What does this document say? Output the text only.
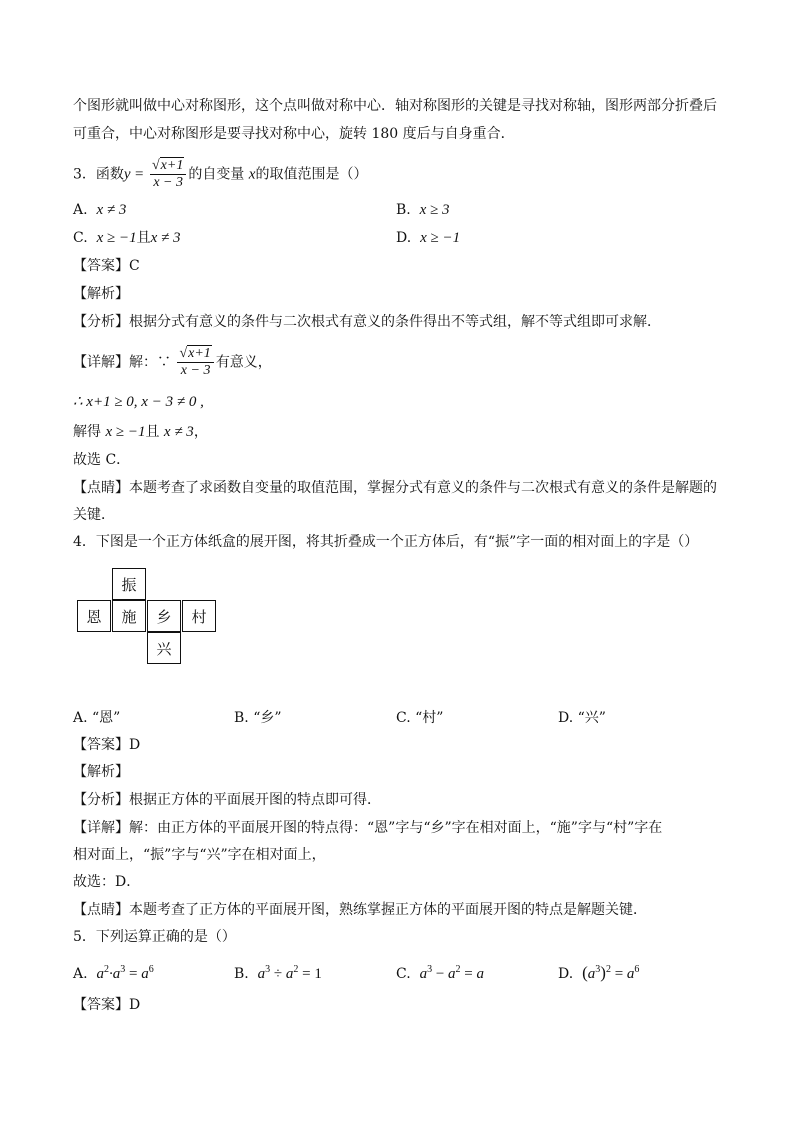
个图形就叫做中心对称图形，这个点叫做对称中心．轴对称图形的关键是寻找对称轴，图形两部分折叠后
可重合，中心对称图形是要寻找对称中心，旋转 180 度后与自身重合．
3．函数$y = \frac{√x+1}{x - 3}$ 的自变量 x的取值范围是（）
A. x ≠ 3	B. x ≥ 3
C. x ≥ −1且x ≠ 3	D. x ≥ −1
【答案】C
【解析】
【分析】根据分式有意义的条件与二次根式有意义的条件得出不等式组，解不等式组即可求解．
【详解】解：∵ $\frac{√x+1}{x - 3}$ 有意义，
∴ x+1 ≥ 0, x − 3 ≠ 0 ,
解得 x ≥ −1且 x ≠ 3，
故选 C．
【点睛】本题考查了求函数自变量的取值范围，掌握分式有意义的条件与二次根式有意义的条件是解题的
关键．
4．下图是一个正方体纸盒的展开图，将其折叠成一个正方体后，有“振”字一面的相对面上的字是（）
振
恩	施	乡	村
兴
A. “恩”	B. “乡”	C. “村”	D. “兴”
【答案】D
【解析】
【分析】根据正方体的平面展开图的特点即可得．
【详解】解：由正方体的平面展开图的特点得：“恩”字与“乡”字在相对面上，“施”字与“村”字在
相对面上，“振”字与“兴”字在相对面上，
故选：D．
【点睛】本题考查了正方体的平面展开图，熟练掌握正方体的平面展开图的特点是解题关键．
5．下列运算正确的是（）
A. $a^2\cdot a^3 = a^6$	B. $a^3 \div a^2 = 1$	C. $a^3 - a^2 = a$	D. $(a^3)^2 = a^6$
【答案】D
